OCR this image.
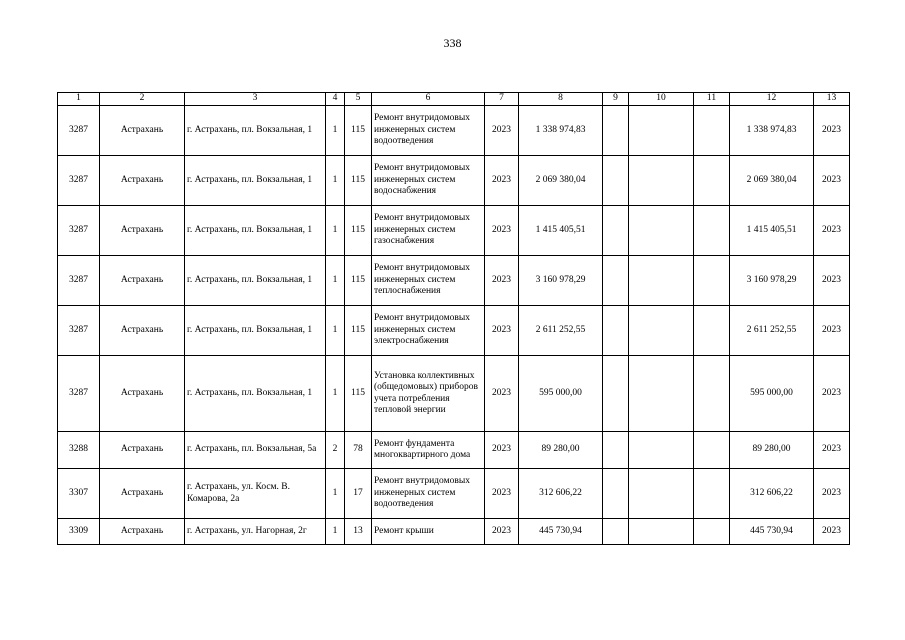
338
1	2	3	4	5	6	7	8	9	10	11	12	13
3287	Астрахань	г. Астрахань, пл. Вокзальная, 1	1	115	Ремонт внутридомовых инженерных систем водоотведения	2023	1 338 974,83				1 338 974,83	2023
3287	Астрахань	г. Астрахань, пл. Вокзальная, 1	1	115	Ремонт внутридомовых инженерных систем водоснабжения	2023	2 069 380,04				2 069 380,04	2023
3287	Астрахань	г. Астрахань, пл. Вокзальная, 1	1	115	Ремонт внутридомовых инженерных систем газоснабжения	2023	1 415 405,51				1 415 405,51	2023
3287	Астрахань	г. Астрахань, пл. Вокзальная, 1	1	115	Ремонт внутридомовых инженерных систем теплоснабжения	2023	3 160 978,29				3 160 978,29	2023
3287	Астрахань	г. Астрахань, пл. Вокзальная, 1	1	115	Ремонт внутридомовых инженерных систем электроснабжения	2023	2 611 252,55				2 611 252,55	2023
3287	Астрахань	г. Астрахань, пл. Вокзальная, 1	1	115	Установка коллективных (общедомовых) приборов учета потребления тепловой энергии	2023	595 000,00				595 000,00	2023
3288	Астрахань	г. Астрахань, пл. Вокзальная, 5а	2	78	Ремонт фундамента многоквартирного дома	2023	89 280,00				89 280,00	2023
3307	Астрахань	г. Астрахань, ул. Косм. В. Комарова, 2а	1	17	Ремонт внутридомовых инженерных систем водоотведения	2023	312 606,22				312 606,22	2023
3309	Астрахань	г. Астрахань, ул. Нагорная, 2г	1	13	Ремонт крыши	2023	445 730,94				445 730,94	2023
